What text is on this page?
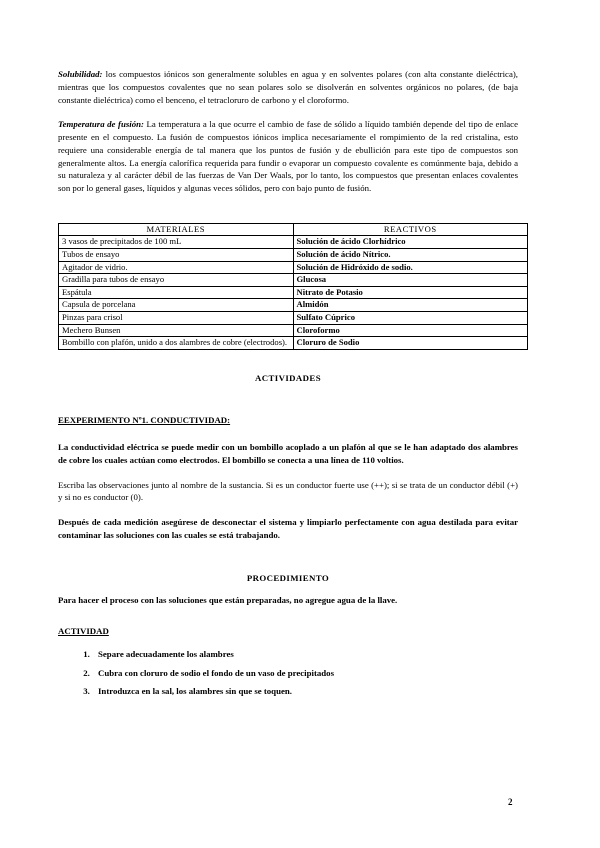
Solubilidad: los compuestos iónicos son generalmente solubles en agua y en solventes polares (con alta constante dieléctrica), mientras que los compuestos covalentes que no sean polares solo se disolverán en solventes orgánicos no polares, (de baja constante dieléctrica) como el benceno, el tetracloruro de carbono y el cloroformo.

Temperatura de fusión: La temperatura a la que ocurre el cambio de fase de sólido a líquido también depende del tipo de enlace presente en el compuesto. La fusión de compuestos iónicos implica necesariamente el rompimiento de la red cristalina, esto requiere una considerable energía de tal manera que los puntos de fusión y de ebullición para este tipo de compuestos son generalmente altos. La energía calorífica requerida para fundir o evaporar un compuesto covalente es comúnmente baja, debido a su naturaleza y al carácter débil de las fuerzas de Van Der Waals, por lo tanto, los compuestos que presentan enlaces covalentes son por lo general gases, líquidos y algunas veces sólidos, pero con bajo punto de fusión.

MATERIALES	REACTIVOS
3 vasos de precipitados de 100 mL	Solución de ácido Clorhídrico
Tubos de ensayo	Solución de ácido Nítrico.
Agitador de vidrio.	Solución de Hidróxido de sodio.
Gradilla para tubos de ensayo	Glucosa
Espátula	Nitrato de Potasio
Capsula de porcelana	Almidón
Pinzas para crisol	Sulfato Cúprico
Mechero Bunsen	Cloroformo
Bombillo con plafón, unido a dos alambres de cobre (electrodos).	Cloruro de Sodio

ACTIVIDADES

EEXPERIMENTO Nº1. CONDUCTIVIDAD:

La conductividad eléctrica se puede medir con un bombillo acoplado a un plafón al que se le han adaptado dos alambres de cobre los cuales actúan como electrodos. El bombillo se conecta a una línea de 110 voltios.

Escriba las observaciones junto al nombre de la sustancia. Si es un conductor fuerte use (++); si se trata de un conductor débil (+) y si no es conductor (0).

Después de cada medición asegúrese de desconectar el sistema y limpiarlo perfectamente con agua destilada para evitar contaminar las soluciones con las cuales se está trabajando.

PROCEDIMIENTO

Para hacer el proceso con las soluciones que están preparadas, no agregue agua de la llave.

ACTIVIDAD

1. Separe adecuadamente los alambres
2. Cubra con cloruro de sodio el fondo de un vaso de precipitados
3. Introduzca en la sal, los alambres sin que se toquen.
2
